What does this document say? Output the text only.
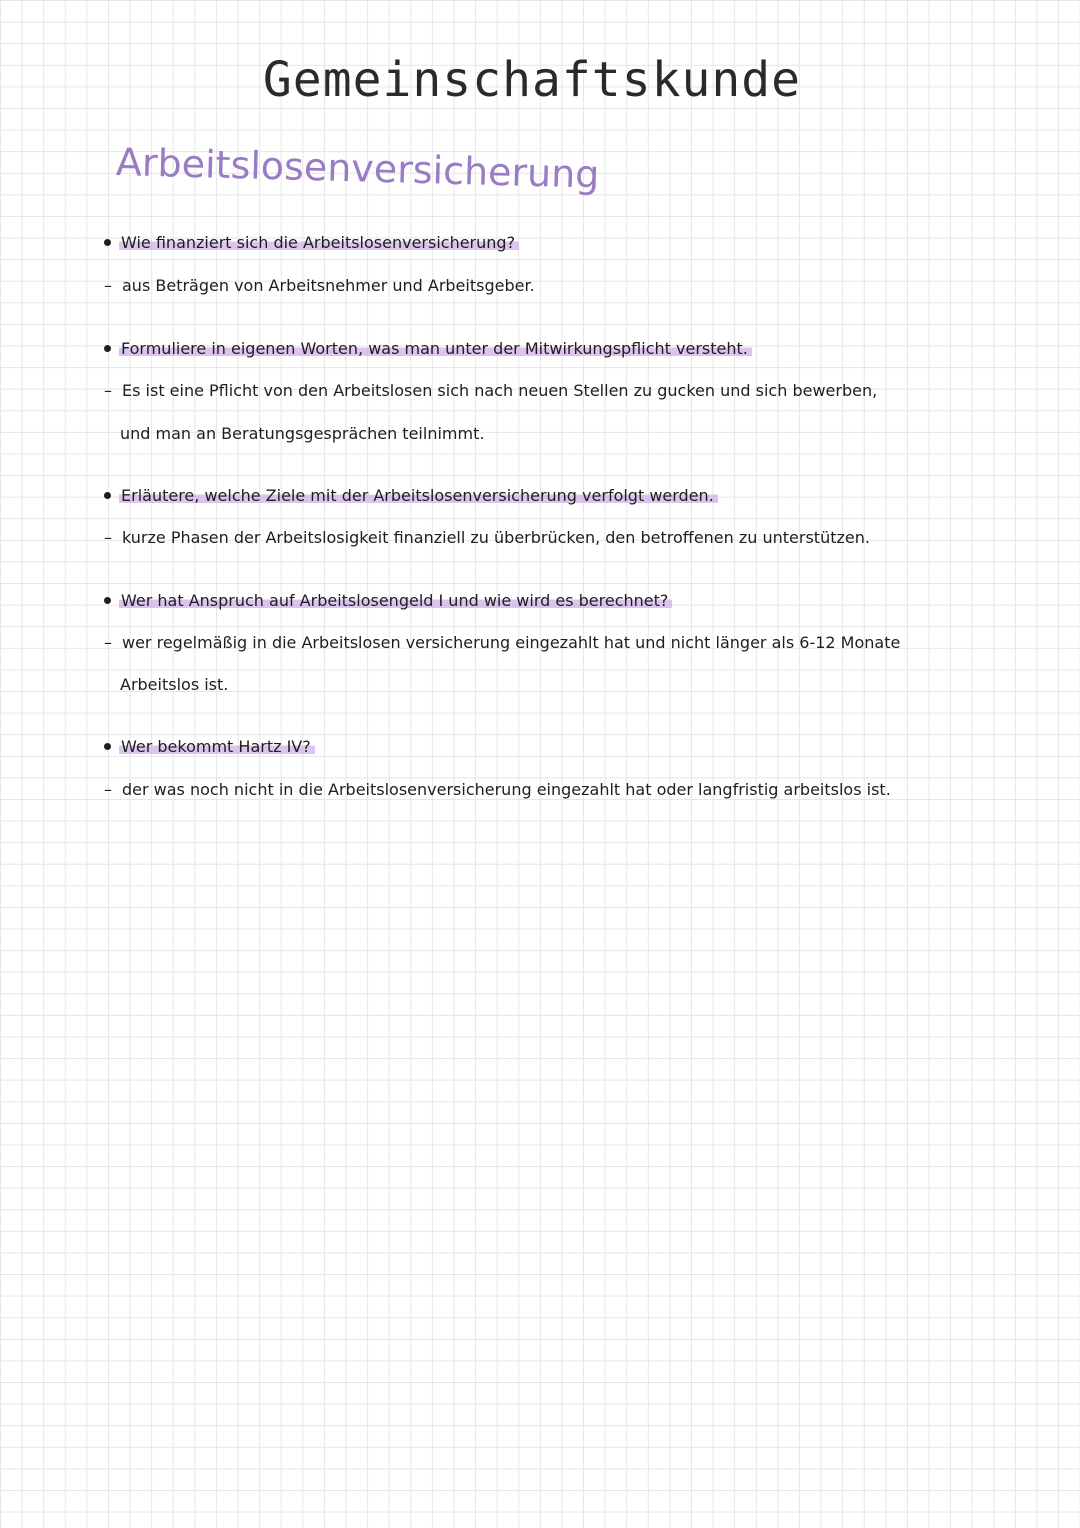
Gemeinschaftskunde
Arbeitslosenversicherung
Wie finanziert sich die Arbeitslosenversicherung?
– aus Beträgen von Arbeitsnehmer und Arbeitsgeber.
Formuliere in eigenen Worten, was man unter der Mitwirkungspflicht versteht.
– Es ist eine Pflicht von den Arbeitslosen sich nach neuen Stellen zu gucken und sich bewerben,
und man an Beratungsgesprächen teilnimmt.
Erläutere, welche Ziele mit der Arbeitslosenversicherung verfolgt werden.
– kurze Phasen der Arbeitslosigkeit finanziell zu überbrücken, den betroffenen zu unterstützen.
Wer hat Anspruch auf Arbeitslosengeld I und wie wird es berechnet?
– wer regelmäßig in die Arbeitslosen versicherung eingezahlt hat und nicht länger als 6-12 Monate
Arbeitslos ist.
Wer bekommt Hartz IV?
– der was noch nicht in die Arbeitslosenversicherung eingezahlt hat oder langfristig arbeitslos ist.
